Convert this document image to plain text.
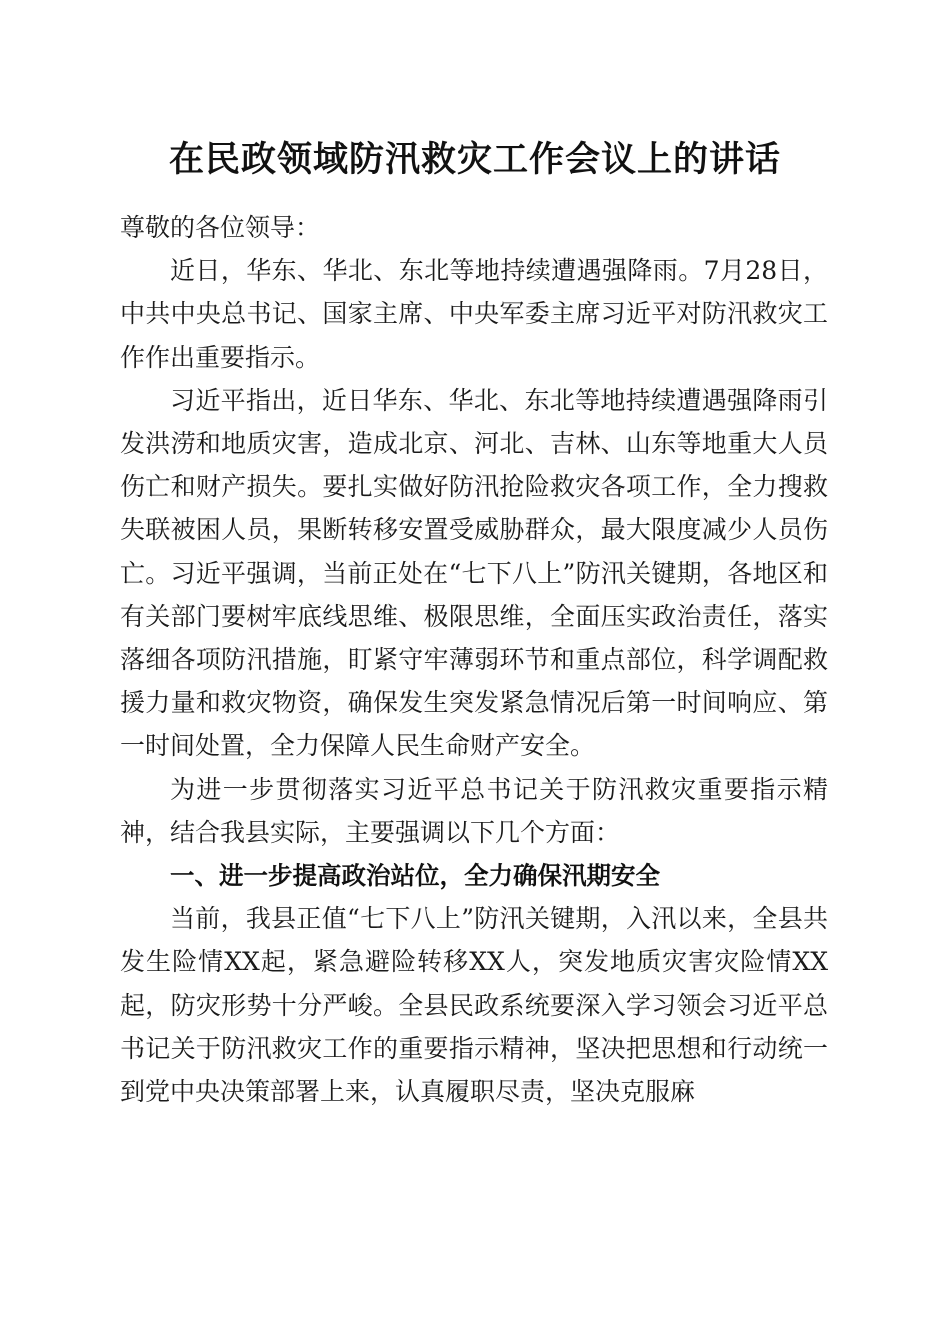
在民政领域防汛救灾工作会议上的讲话

尊敬的各位领导：

近日，华东、华北、东北等地持续遭遇强降雨。7月28日，中共中央总书记、国家主席、中央军委主席习近平对防汛救灾工作作出重要指示。

习近平指出，近日华东、华北、东北等地持续遭遇强降雨引发洪涝和地质灾害，造成北京、河北、吉林、山东等地重大人员伤亡和财产损失。要扎实做好防汛抢险救灾各项工作，全力搜救失联被困人员，果断转移安置受威胁群众，最大限度减少人员伤亡。习近平强调，当前正处在“七下八上”防汛关键期，各地区和有关部门要树牢底线思维、极限思维，全面压实政治责任，落实落细各项防汛措施，盯紧守牢薄弱环节和重点部位，科学调配救援力量和救灾物资，确保发生突发紧急情况后第一时间响应、第一时间处置，全力保障人民生命财产安全。

为进一步贯彻落实习近平总书记关于防汛救灾重要指示精神，结合我县实际，主要强调以下几个方面：

一、进一步提高政治站位，全力确保汛期安全

当前，我县正值“七下八上”防汛关键期，入汛以来，全县共发生险情XX起，紧急避险转移XX人，突发地质灾害灾险情XX起，防灾形势十分严峻。全县民政系统要深入学习领会习近平总书记关于防汛救灾工作的重要指示精神，坚决把思想和行动统一到党中央决策部署上来，认真履职尽责，坚决克服麻
